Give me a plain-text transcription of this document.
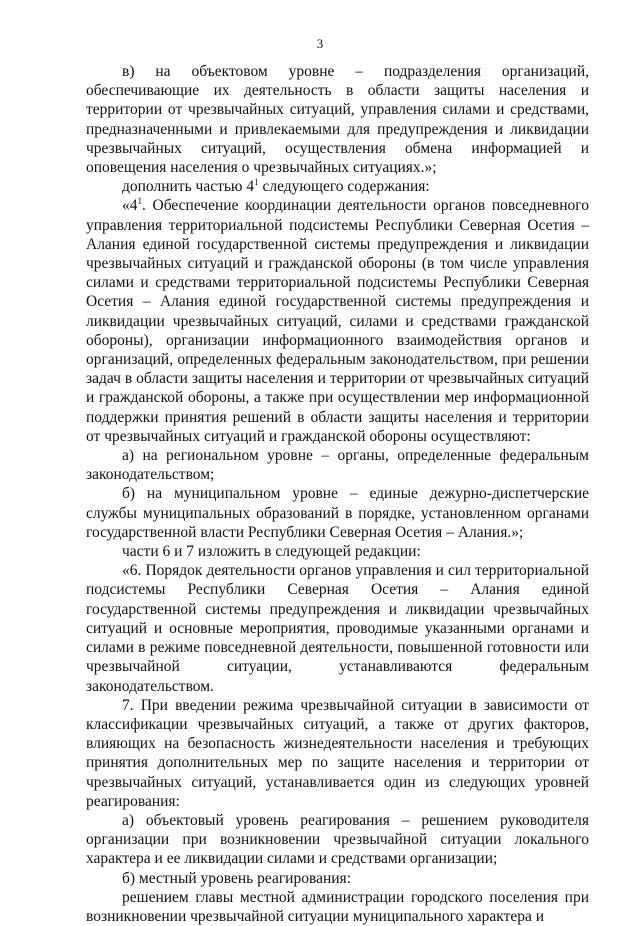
3

в) на объектовом уровне – подразделения организаций, обеспечивающие их деятельность в области защиты населения и территории от чрезвычайных ситуаций, управления силами и средствами, предназначенными и привлекаемыми для предупреждения и ликвидации чрезвычайных ситуаций, осуществления обмена информацией и оповещения населения о чрезвычайных ситуациях.»;

дополнить частью $4^1$ следующего содержания:

«$4^1$. Обеспечение координации деятельности органов повседневного управления территориальной подсистемы Республики Северная Осетия – Алания единой государственной системы предупреждения и ликвидации чрезвычайных ситуаций и гражданской обороны (в том числе управления силами и средствами территориальной подсистемы Республики Северная Осетия – Алания единой государственной системы предупреждения и ликвидации чрезвычайных ситуаций, силами и средствами гражданской обороны), организации информационного взаимодействия органов и организаций, определенных федеральным законодательством, при решении задач в области защиты населения и территории от чрезвычайных ситуаций и гражданской обороны, а также при осуществлении мер информационной поддержки принятия решений в области защиты населения и территории от чрезвычайных ситуаций и гражданской обороны осуществляют:

а) на региональном уровне – органы, определенные федеральным законодательством;

б) на муниципальном уровне – единые дежурно-диспетчерские службы муниципальных образований в порядке, установленном органами государственной власти Республики Северная Осетия – Алания.»;

части 6 и 7 изложить в следующей редакции:

«6. Порядок деятельности органов управления и сил территориальной подсистемы Республики Северная Осетия – Алания единой государственной системы предупреждения и ликвидации чрезвычайных ситуаций и основные мероприятия, проводимые указанными органами и силами в режиме повседневной деятельности, повышенной готовности или чрезвычайной ситуации, устанавливаются федеральным законодательством.

7. При введении режима чрезвычайной ситуации в зависимости от классификации чрезвычайных ситуаций, а также от других факторов, влияющих на безопасность жизнедеятельности населения и требующих принятия дополнительных мер по защите населения и территории от чрезвычайных ситуаций, устанавливается один из следующих уровней реагирования:

а) объектовый уровень реагирования – решением руководителя организации при возникновении чрезвычайной ситуации локального характера и ее ликвидации силами и средствами организации;

б) местный уровень реагирования:

решением главы местной администрации городского поселения при возникновении чрезвычайной ситуации муниципального характера и
